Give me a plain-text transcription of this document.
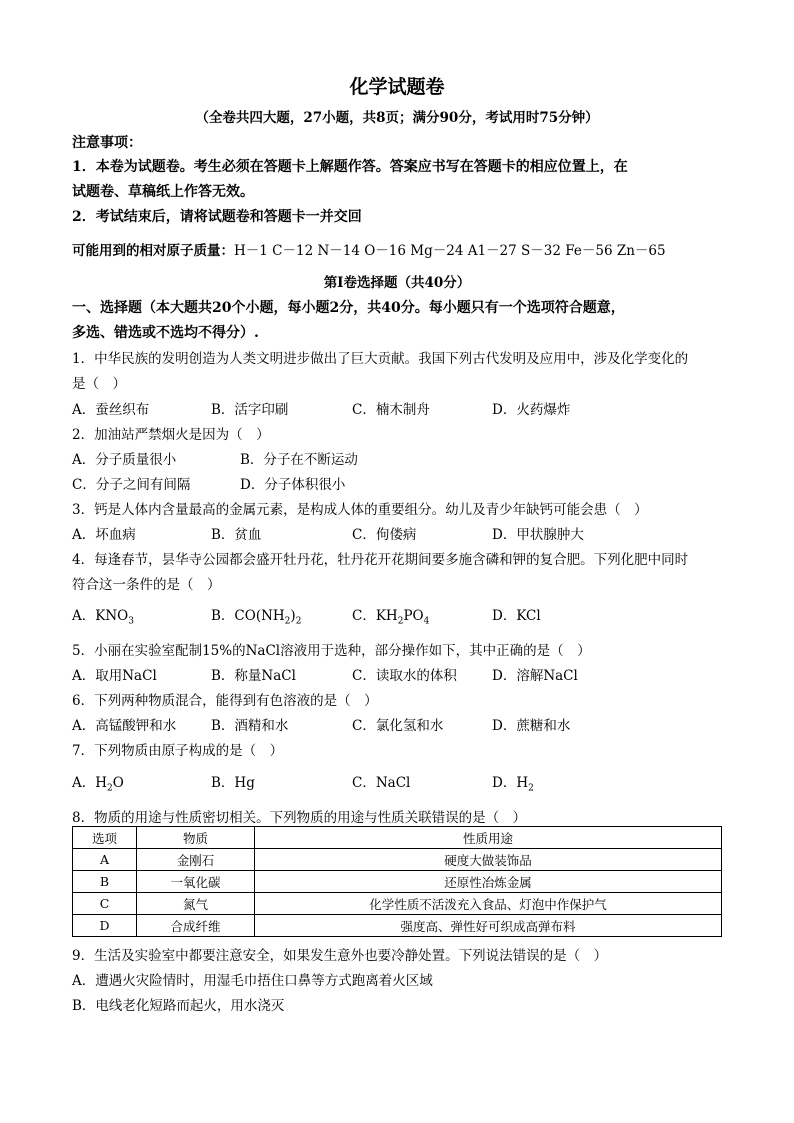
化学试题卷
（全卷共四大题，27小题，共8页；满分90分，考试用时75分钟）
注意事项：
1．本卷为试题卷。考生必须在答题卡上解题作答。答案应书写在答题卡的相应位置上，在
试题卷、草稿纸上作答无效。
2．考试结束后，请将试题卷和答题卡一并交回
可能用到的相对原子质量：H－1 C－12 N－14 O－16 Mg－24 A1－27 S－32 Fe－56 Zn－65
第Ⅰ卷选择题（共40分）
一、选择题（本大题共20个小题，每小题2分，共40分。每小题只有一个选项符合题意，
多选、错选或不选均不得分）.
1．中华民族的发明创造为人类文明进步做出了巨大贡献。我国下列古代发明及应用中，涉及化学变化的
是（　）
A．蚕丝织布	B．活字印刷	C．楠木制舟	D．火药爆炸
2．加油站严禁烟火是因为（　）
A．分子质量很小	B．分子在不断运动
C．分子之间有间隔	D．分子体积很小
3．钙是人体内含量最高的金属元素，是构成人体的重要组分。幼儿及青少年缺钙可能会患（　）
A．坏血病	B．贫血	C．佝偻病	D．甲状腺肿大
4．每逢春节，昙华寺公园都会盛开牡丹花，牡丹花开花期间要多施含磷和钾的复合肥。下列化肥中同时
符合这一条件的是（　）
A．$KNO_3$	B．$CO(NH_2)_2$	C．$KH_2PO_4$	D．KCl
5．小丽在实验室配制15%的NaCl溶液用于选种，部分操作如下，其中正确的是（　）
A．取用NaCl	B．称量NaCl	C．读取水的体积	D．溶解NaCl
6．下列两种物质混合，能得到有色溶液的是（　）
A．高锰酸钾和水	B．酒精和水	C．氯化氢和水	D．蔗糖和水
7．下列物质由原子构成的是（　）
A．$H_2O$	B．Hg	C．NaCl	D．$H_2$
8．物质的用途与性质密切相关。下列物质的用途与性质关联错误的是（　）
选项	物质	性质用途
A	金刚石	硬度大做装饰品
B	一氧化碳	还原性冶炼金属
C	氮气	化学性质不活泼充入食品、灯泡中作保护气
D	合成纤维	强度高、弹性好可织成高弹布料
9．生活及实验室中都要注意安全，如果发生意外也要冷静处置。下列说法错误的是（　）
A．遭遇火灾险情时，用湿毛巾捂住口鼻等方式跑离着火区域
B．电线老化短路而起火，用水浇灭
